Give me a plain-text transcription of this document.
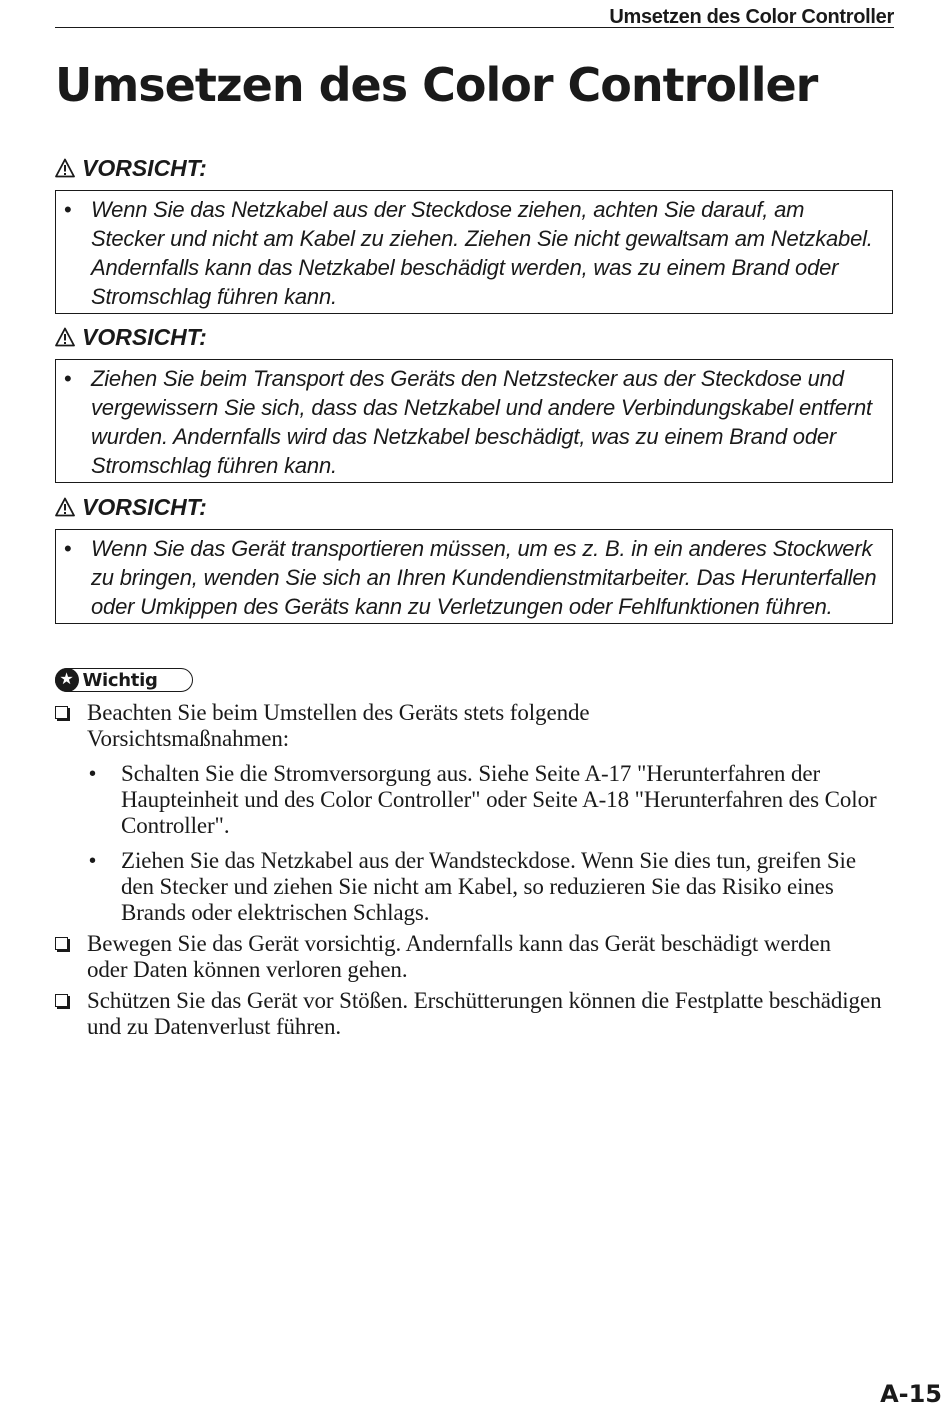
Umsetzen des Color Controller
Umsetzen des Color Controller
VORSICHT:
• Wenn Sie das Netzkabel aus der Steckdose ziehen, achten Sie darauf, am Stecker und nicht am Kabel zu ziehen. Ziehen Sie nicht gewaltsam am Netzkabel. Andernfalls kann das Netzkabel beschädigt werden, was zu einem Brand oder Stromschlag führen kann.
VORSICHT:
• Ziehen Sie beim Transport des Geräts den Netzstecker aus der Steckdose und vergewissern Sie sich, dass das Netzkabel und andere Verbindungskabel entfernt wurden. Andernfalls wird das Netzkabel beschädigt, was zu einem Brand oder Stromschlag führen kann.
VORSICHT:
• Wenn Sie das Gerät transportieren müssen, um es z. B. in ein anderes Stockwerk zu bringen, wenden Sie sich an Ihren Kundendienstmitarbeiter. Das Herunterfallen oder Umkippen des Geräts kann zu Verletzungen oder Fehlfunktionen führen.
★ Wichtig
Beachten Sie beim Umstellen des Geräts stets folgende Vorsichtsmaßnahmen:
•	Schalten Sie die Stromversorgung aus. Siehe Seite A-17 "Herunterfahren der Haupteinheit und des Color Controller" oder Seite A-18 "Herunterfahren des Color Controller".
•	Ziehen Sie das Netzkabel aus der Wandsteckdose. Wenn Sie dies tun, greifen Sie den Stecker und ziehen Sie nicht am Kabel, so reduzieren Sie das Risiko eines Brands oder elektrischen Schlags.
Bewegen Sie das Gerät vorsichtig. Andernfalls kann das Gerät beschädigt werden oder Daten können verloren gehen.
Schützen Sie das Gerät vor Stößen. Erschütterungen können die Festplatte beschädigen und zu Datenverlust führen.
A-15
